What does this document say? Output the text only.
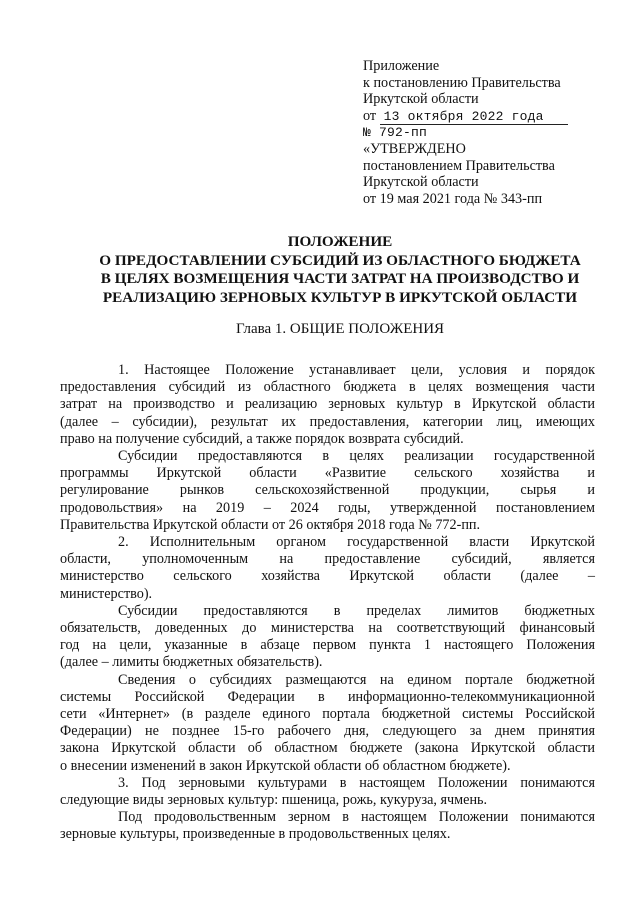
Приложение
к постановлению Правительства
Иркутской области
от 13 октября 2022 года
№ 792-пп
«УТВЕРЖДЕНО
постановлением Правительства
Иркутской области
от 19 мая 2021 года № 343-пп
ПОЛОЖЕНИЕ
О ПРЕДОСТАВЛЕНИИ СУБСИДИЙ ИЗ ОБЛАСТНОГО БЮДЖЕТА
В ЦЕЛЯХ ВОЗМЕЩЕНИЯ ЧАСТИ ЗАТРАТ НА ПРОИЗВОДСТВО И
РЕАЛИЗАЦИЮ ЗЕРНОВЫХ КУЛЬТУР В ИРКУТСКОЙ ОБЛАСТИ
Глава 1. ОБЩИЕ ПОЛОЖЕНИЯ
1. Настоящее Положение устанавливает цели, условия и порядок
предоставления субсидий из областного бюджета в целях возмещения части
затрат на производство и реализацию зерновых культур в Иркутской области
(далее – субсидии), результат их предоставления, категории лиц, имеющих
право на получение субсидий, а также порядок возврата субсидий.
Субсидии предоставляются в целях реализации государственной
программы Иркутской области «Развитие сельского хозяйства и
регулирование рынков сельскохозяйственной продукции, сырья и
продовольствия» на 2019 – 2024 годы, утвержденной постановлением
Правительства Иркутской области от 26 октября 2018 года № 772-пп.
2. Исполнительным органом государственной власти Иркутской
области, уполномоченным на предоставление субсидий, является
министерство сельского хозяйства Иркутской области (далее –
министерство).
Субсидии предоставляются в пределах лимитов бюджетных
обязательств, доведенных до министерства на соответствующий финансовый
год на цели, указанные в абзаце первом пункта 1 настоящего Положения
(далее – лимиты бюджетных обязательств).
Сведения о субсидиях размещаются на едином портале бюджетной
системы Российской Федерации в информационно-телекоммуникационной
сети «Интернет» (в разделе единого портала бюджетной системы Российской
Федерации) не позднее 15-го рабочего дня, следующего за днем принятия
закона Иркутской области об областном бюджете (закона Иркутской области
о внесении изменений в закон Иркутской области об областном бюджете).
3. Под зерновыми культурами в настоящем Положении понимаются
следующие виды зерновых культур: пшеница, рожь, кукуруза, ячмень.
Под продовольственным зерном в настоящем Положении понимаются
зерновые культуры, произведенные в продовольственных целях.
